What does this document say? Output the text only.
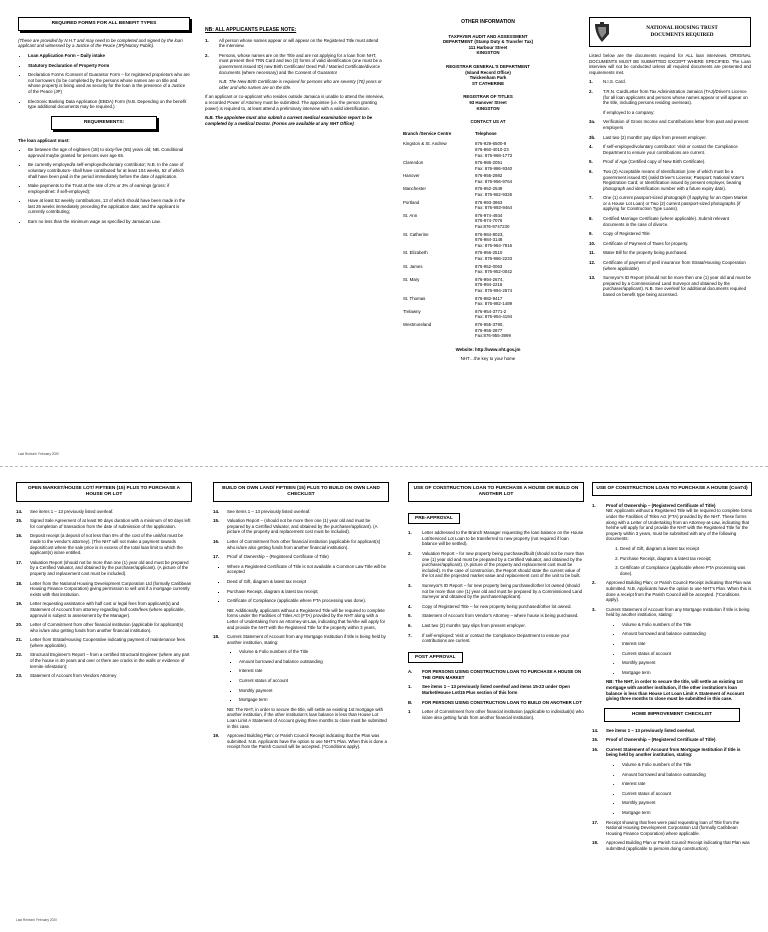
REQUIRED FORMS FOR ALL BENEFIT TYPES

(These are provided by N.H.T and may need to be completed and signed by the loan applicant and witnessed by a Justice of the Peace (JP)/Notary Public).

• Loan Application Form – Daily intake
• Statutory Declaration of Property Form
• Declaration Forms /Consent of Guarantor Form – for registered proprietors who are not borrowers (to be completed by the persons whose names are on title and whose property is being used as security for the loan in the presence of a Justice of the Peace (JP)
• Electronic Banking Data Application (EBDA) Form (N.B. Depending on the benefit type additional documents may be required.)
REQUIREMENTS:

The loan applicant must:

• Be between the age of eighteen (18) to sixty-five (65) years old; NB. Conditional approval maybe granted for persons over age 65.
• Be currently employed/a self-employed/voluntary contributor; N.B. In the case of voluntary contributors- shall have contributed for at least 104 weeks, 52 of which shall have been paid in the period immediately before the date of application.
• Make payments to the Trust at the rate of 2% or 3% of earnings (gross: if employed/net: if self-employed);
• Have at least 52 weekly contributions, 13 of which should have been made in the last 26 weeks immediately preceding the application date; and the applicant is currently contributing;
• Earn no less than the minimum wage as specified by Jamaican Law.
Last Revised: February 2020

NB: ALL APPLICANTS PLEASE NOTE:

1.	All person whose names appear or will appear on the Registered Title must attend the interview.
2.	Persons, whose names are on the Title and are not applying for a loan from NHT, must present their TRN Card and two (2) forms of valid identification (one must be a government issued ID) new Birth Certificate/ Deed Poll / Married Certificate/divorce documents (where necessary) and the Consent of Guarantor

N.B. The New Birth Certificate is required for persons who are seventy (70) years or older and who names are on the title.

If an applicant or co-applicant who resides outside Jamaica is unable to attend the interview, a recorded Power of Attorney must be submitted. The appointee (i.e. the person granting power) is required to, at least attend a preliminary interview with a valid identification.

N.B. The appointee must also submit a current medical examination report to be completed by a medical Doctor. (Forms are available at any NHT Office)

OTHER INFORMATION

TAXPAYER AUDIT AND ASSESSMENT
DEPARTMENT (Stamp Duty & Transfer Tax)
111 Harbour Street
KINGSTON
REGISTRAR GENERAL'S DEPARTMENT
(Island Record Office)
Twickenham Park
ST CATHERINE
REGISTRAR OF TITLES
93 Hanover Street
KINGSTON

CONTACT US AT

Branch /Service Centre	Telephone
Kingston & St. Andrew	876-929-6500-9
876-960-4010-23
Fax: 876-968-1773

Clarendon	876-986-2051
Fax: 876-986-9340

Hanover	876-956-2982
Fax: 876-956-9764

Manchester	876-962-2549
Fax: 876-962-9326

Portland	876-993-3863
Fax: 876-993-9464

St. Ann	876-974-4934
876-974-7076
Fax:876-9747230

St. Catherine	876-984-8023,
876-984-3148
Fax: 876-984-7916

St. Elizabeth	876-966-2510
Fax: 876-966-2233

St. James	876-952-0063
Fax: 876-952-0042

St. Mary	876-994-2674,
876-994-2216
Fax: 876-994-2674

St. Thomas	876-982-9417
Fax: 876-982-1489

Trelawny	876-954-3771-2
Fax: 876-954-4194

Westmoreland	876-955-3790,
876-955-2877
Fax:876-955-3999

Website: http://www.nht.gov.jm

NHT…the key to your home

NATIONAL HOUSING TRUST
DOCUMENTS REQUIRED

Listed below are the documents required for ALL loan interviews. ORIGINAL DOCUMENTS MUST BE SUBMITTED EXCEPT WHERE SPECIFIED. The Loan interview will not be conducted unless all required documents are presented and requirements met.

1.	N.I.S. Card.
2.	T.R.N. Card/Letter from Tax Administration Jamaica (TAJ)/Driver's Licence (for all loan applicants and persons whose names appear or will appear on the title, including persons residing overseas).
If employed to a company:
3a.	Verification of Gross Income and Contributions letter from past and present employers
3b.	Last two (2) months' pay slips from present employer.
4.	If self-employed/voluntary contributor: Visit or contact the Compliance Department to ensure your contributions are current.
5.	Proof of Age (Certified copy of New Birth Certificate).
6.	Two (2) Acceptable means of Identification (one of which must be a government issued ID) (valid Driver's License; Passport; National Voter's Registration Card; or Identification issued by present employer, bearing photograph and identification number with a future expiry date).
7.	One (1) current passport-sized photograph (if applying for an Open Market or a House Lot Loan) or Two (2) current passport-sized photographs (if applying for Construction Type Loans).
8.	Certified Marriage Certificate (where applicable). Submit relevant documents in the case of divorce.
9.	Copy of Registered Title
10.	Certificate of Payment of Taxes for property.
11.	Water Bill for the property being purchased.
12.	Certificate of payment of peril insurance from Strata/Housing Cooperation (where applicable)
13.	Surveyor's ID Report (should not be more then one (1) year old and must be prepared by a Commissioned Land Surveyor and obtained by the purchaser/applicant). N.B. See overleaf for additional documents required based on benefit type being accessed.
OPEN MARKET/HOUSE LOT/ FIFTEEN (15) PLUS TO PURCHASE A HOUSE OR LOT
14.	See items 1 – 13 previously listed overleaf.
15.	Signed Sale Agreement of at least 90 days duration with a minimum of 60 days left for completion of transaction from the date of submission of the application.
16.	Deposit receipt (a deposit of not less than 5% of the cost of the unit/lot must be made to the vendor's attorney). (The NHT will not make a payment towards deposit/cost where the sale price is in excess of the total loan limit to which the applicant(s) is/are entitled.
17.	Valuation Report (should not be more than one (1) year old and must be prepared by a Certified Valuator, and obtained by the purchaser/applicant). (A picture of the property and replacement cost must be included).
18.	Letter from the National Housing Development Corporation Ltd (formally Caribbean Housing Finance Corporation) giving permission to sell unit if a mortgage currently exists with that institution.
19.	Letter requesting assistance with half cost or legal fees from applicant(s) and Statement of Account from attorney regarding half costs/fees (where applicable, approval is subject to assessment by the Manager).
20.	Letter of Commitment from other financial institution (applicable for applicant(s) who is/are also getting funds from another financial institution).
21.	Letter from Strata/Housing Cooperative indicating payment of maintenance fees (where applicable).
22.	Structural Engineer's Report – from a certified Structural Engineer (where any part of the house is 40 years and over or there are cracks in the walls or evidence of termite infestation):
23.	Statement of Account from Vendors Attorney
Last Revised: February 2020
BUILD ON OWN LAND/ FIFTEEN (15) PLUS TO BUILD ON OWN LAND CHECKLIST
14.	See items 1 – 13 previously listed overleaf.
15.	Valuation Report – (should not be more then one (1) year old and must be prepared by a Certified Valuator, and obtained by the purchaser/applicant). (A picture of the property and replacement cost must be included).
16.	Letter of Commitment from other financial institution (applicable for applicant(s) who is/are also getting funds from another financial institution).
17.	Proof of Ownership – (Registered Certificate of Title)
▪ Where a Registered Certificate of Title is not available a Common Law Title will be accepted
▪ Deed of Gift, diagram & latest tax receipt
▪ Purchase Receipt, diagram & latest tax receipt;
▪ Certificate of Compliance (applicable where PTA processing was done).

NB: Additionally, applicants without a Registered Title will be required to complete forms under the Facilities of Titles Act (FTA) provided by the NHT along with a Letter of Undertaking from an Attorney-at-Law, indicating that he/she will apply for and provide the NHT with the Registered Title for the property within 3 years,

18.	Current Statement of Account from any Mortgage Institution if title is being held by another institution, stating:
▪ Volume & Folio numbers of the Title
▪ Amount borrowed and balance outstanding
▪ Interest rate
▪ Current status of account
▪ Monthly payment
▪ Mortgage term

NB: The NHT, in order to secure the title, will settle an existing 1st mortgage with another institution, if the other institution's loan balance is less than House Lot Loan Limit A Statement of Account giving three months to close must be submitted in this case.

19.	Approved Building Plan; or Parish Council Receipt indicating that the Plan was submitted. N.B. Applicants have the option to use NHT's Plan. When this is done a receipt from the Parish Council will be accepted. (*Conditions apply).
USE OF CONSTRUCTION LOAN TO PURCHASE A HOUSE OR BUILD ON ANOTHER LOT
PRE-APPROVAL
1.	Letter addressed to the Branch Manager requesting the loan balance on the House Lot/Serviced Lot Loan to be transferred to new property (not required if loan balance will be settled).
2.	Valuation Report – for new property being purchased/built (should not be more than one (1) year old and must be prepared by a Certified Valuator, and obtained by the purchaser/applicant). (A picture of the property and replacement cost must be included). In the case of construction, the Report should state the current value of the lot and the projected market value and replacement cost of the unit to be built.
3.	Surveyor's ID Report – for new property being purchased/other lot owned (should not be more than one (1) year old and must be prepared by a Commissioned Land Surveyor and obtained by the purchaser/applicant).
4.	Copy of Registered Title – for new property being purchased/other lot owned.
5.	Statement of Account from Vendor's Attorney – where house is being purchased.
6.	Last two (2) months 'pay slips from present employer.
7.	If self-employed: Visit or contact the Compliance Department to ensure your contributions are current.
POST APPROVAL
A.	FOR PERSONS USING CONSTRUCTION LOAN TO PURCHASE A HOUSE ON THE OPEN MARKET
1.	See items 1 – 13 previously listed overleaf and items 15-23 under Open Market/House Lot/15 Plus section of this form
B.	FOR PERSONS USING CONSTRUCTION LOAN TO BUILD ON ANOTHER LOT
1	Letter of Commitment from other financial institution (applicable to individual(s) who is/are also getting funds from another financial institution).
USE OF CONSTRUCTION LOAN TO PURCHASE A HOUSE (Cont'd)
1.	Proof of Ownership – (Registered Certificate of Title)
NB: Applicants without a Registered Title will be required to complete forms under the Facilities of Titles Act (FTA) provided by the NHT. These forms along with a Letter of Undertaking from an Attorney-at-Law, indicating that he/she will apply for and provide the NHT with the Registered Title for the property within 3 years, must be submitted with any of the following documents:
1. Deed of Gift, diagram & latest tax receipt
2. Purchase Receipt, diagram & latest tax receipt;
3. Certificate of Compliance (applicable where PTA processing was done).
2.	Approved Building Plan; or Parish Council Receipt indicating that Plan was submitted. N.B. Applicants have the option to use NHT's Plan. When this is done a receipt from the Parish Council will be accepted. (*Conditions apply).
3.	Current Statement of Account from any Mortgage Institution if title is being held by another institution, stating:
• Volume & Folio numbers of the Title
• Amount borrowed and balance outstanding
• Interest rate
• Current status of account
• Monthly payment
• Mortgage term

NB: The NHT, in order to secure the title, will settle an existing 1st mortgage with another institution, if the other institution's loan balance is less than House Lot Loan Limit A Statement of Account giving three months to close must be submitted in this case.

HOME IMPROVEMENT CHECKLIST
14.	See items 1 – 13 previously listed overleaf.
15.	Proof of Ownership – (Registered Certificate of Title)
16.	Current Statement of Account from Mortgage Institution if title is being held by another institution, stating:
• Volume & Folio numbers of the Title
• Amount borrowed and balance outstanding
• Interest rate
• Current status of account
• Monthly payment
• Mortgage term
17.	Receipt showing that fees were paid requesting loan of Title from the National Housing Development Corporation Ltd (formally Caribbean Housing Finance Corporation) where applicable.
18.	Approved Building Plan or Parish Council Receipt indicating that Plan was submitted (applicable to persons doing construction).
